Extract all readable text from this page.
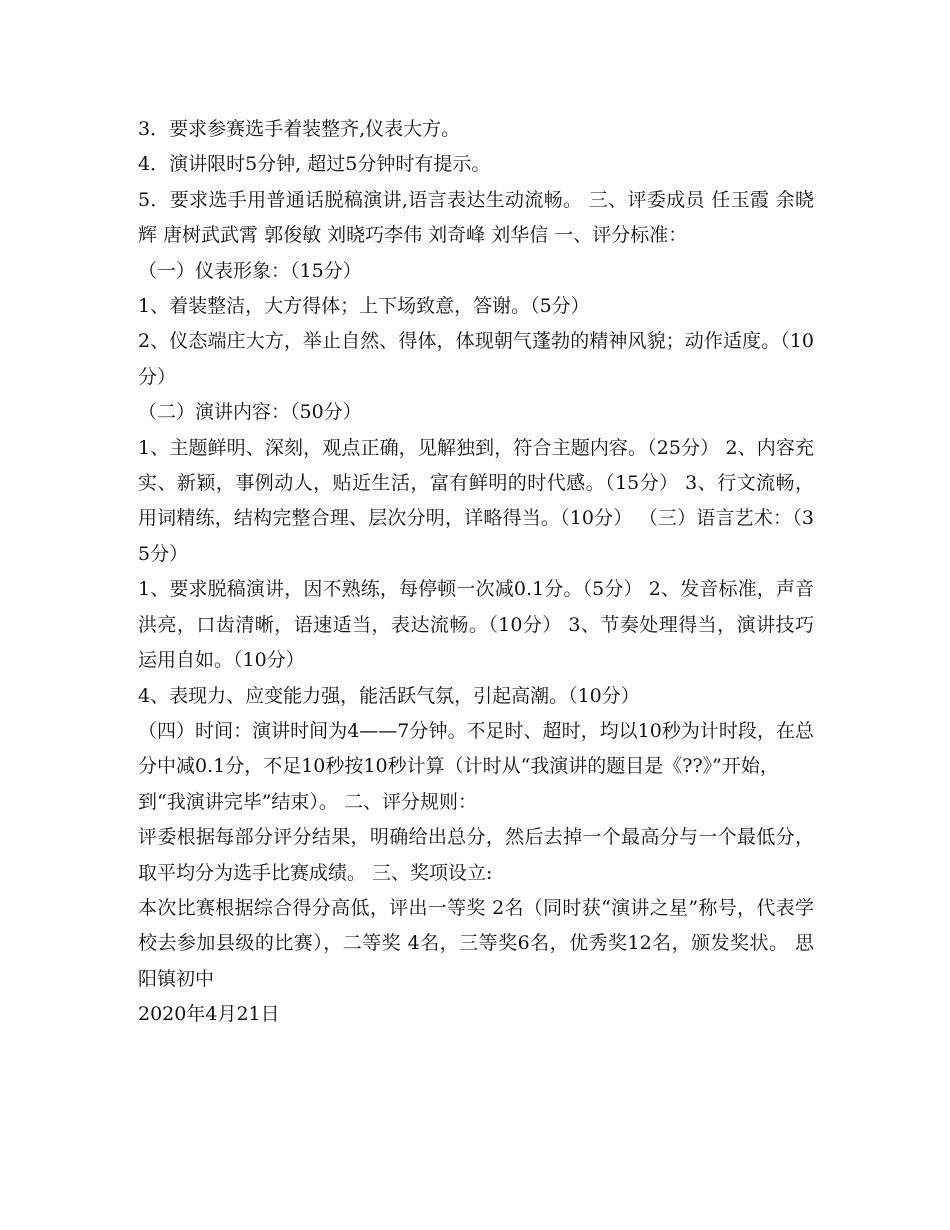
3．要求参赛选手着装整齐,仪表大方。

4．演讲限时5分钟, 超过5分钟时有提示。

5．要求选手用普通话脱稿演讲,语言表达生动流畅。 三、评委成员 任玉霞 余晓辉 唐树武武霄 郭俊敏 刘晓巧李伟 刘奇峰 刘华信 一、评分标准：

（一）仪表形象：（15分）

1、着装整洁，大方得体；上下场致意，答谢。（5分）

2、仪态端庄大方，举止自然、得体，体现朝气蓬勃的精神风貌；动作适度。（10分）

（二）演讲内容：（50分）

1、主题鲜明、深刻，观点正确，见解独到，符合主题内容。（25分） 2、内容充实、新颖，事例动人，贴近生活，富有鲜明的时代感。（15分） 3、行文流畅，用词精练，结构完整合理、层次分明，详略得当。（10分） （三）语言艺术：（35分）

1、要求脱稿演讲，因不熟练，每停顿一次减0.1分。（5分） 2、发音标准，声音洪亮，口齿清晰，语速适当，表达流畅。（10分） 3、节奏处理得当，演讲技巧运用自如。（10分）

4、表现力、应变能力强，能活跃气氛，引起高潮。（10分）

（四）时间：演讲时间为4——7分钟。不足时、超时，均以10秒为计时段，在总分中减0.1分，不足10秒按10秒计算（计时从“我演讲的题目是《??》”开始，

到“我演讲完毕”结束）。 二、评分规则：

评委根据每部分评分结果，明确给出总分，然后去掉一个最高分与一个最低分，取平均分为选手比赛成绩。 三、奖项设立:

本次比赛根据综合得分高低，评出一等奖 2名（同时获“演讲之星”称号，代表学校去参加县级的比赛），二等奖 4名，三等奖6名，优秀奖12名，颁发奖状。 思阳镇初中

2020年4月21日
